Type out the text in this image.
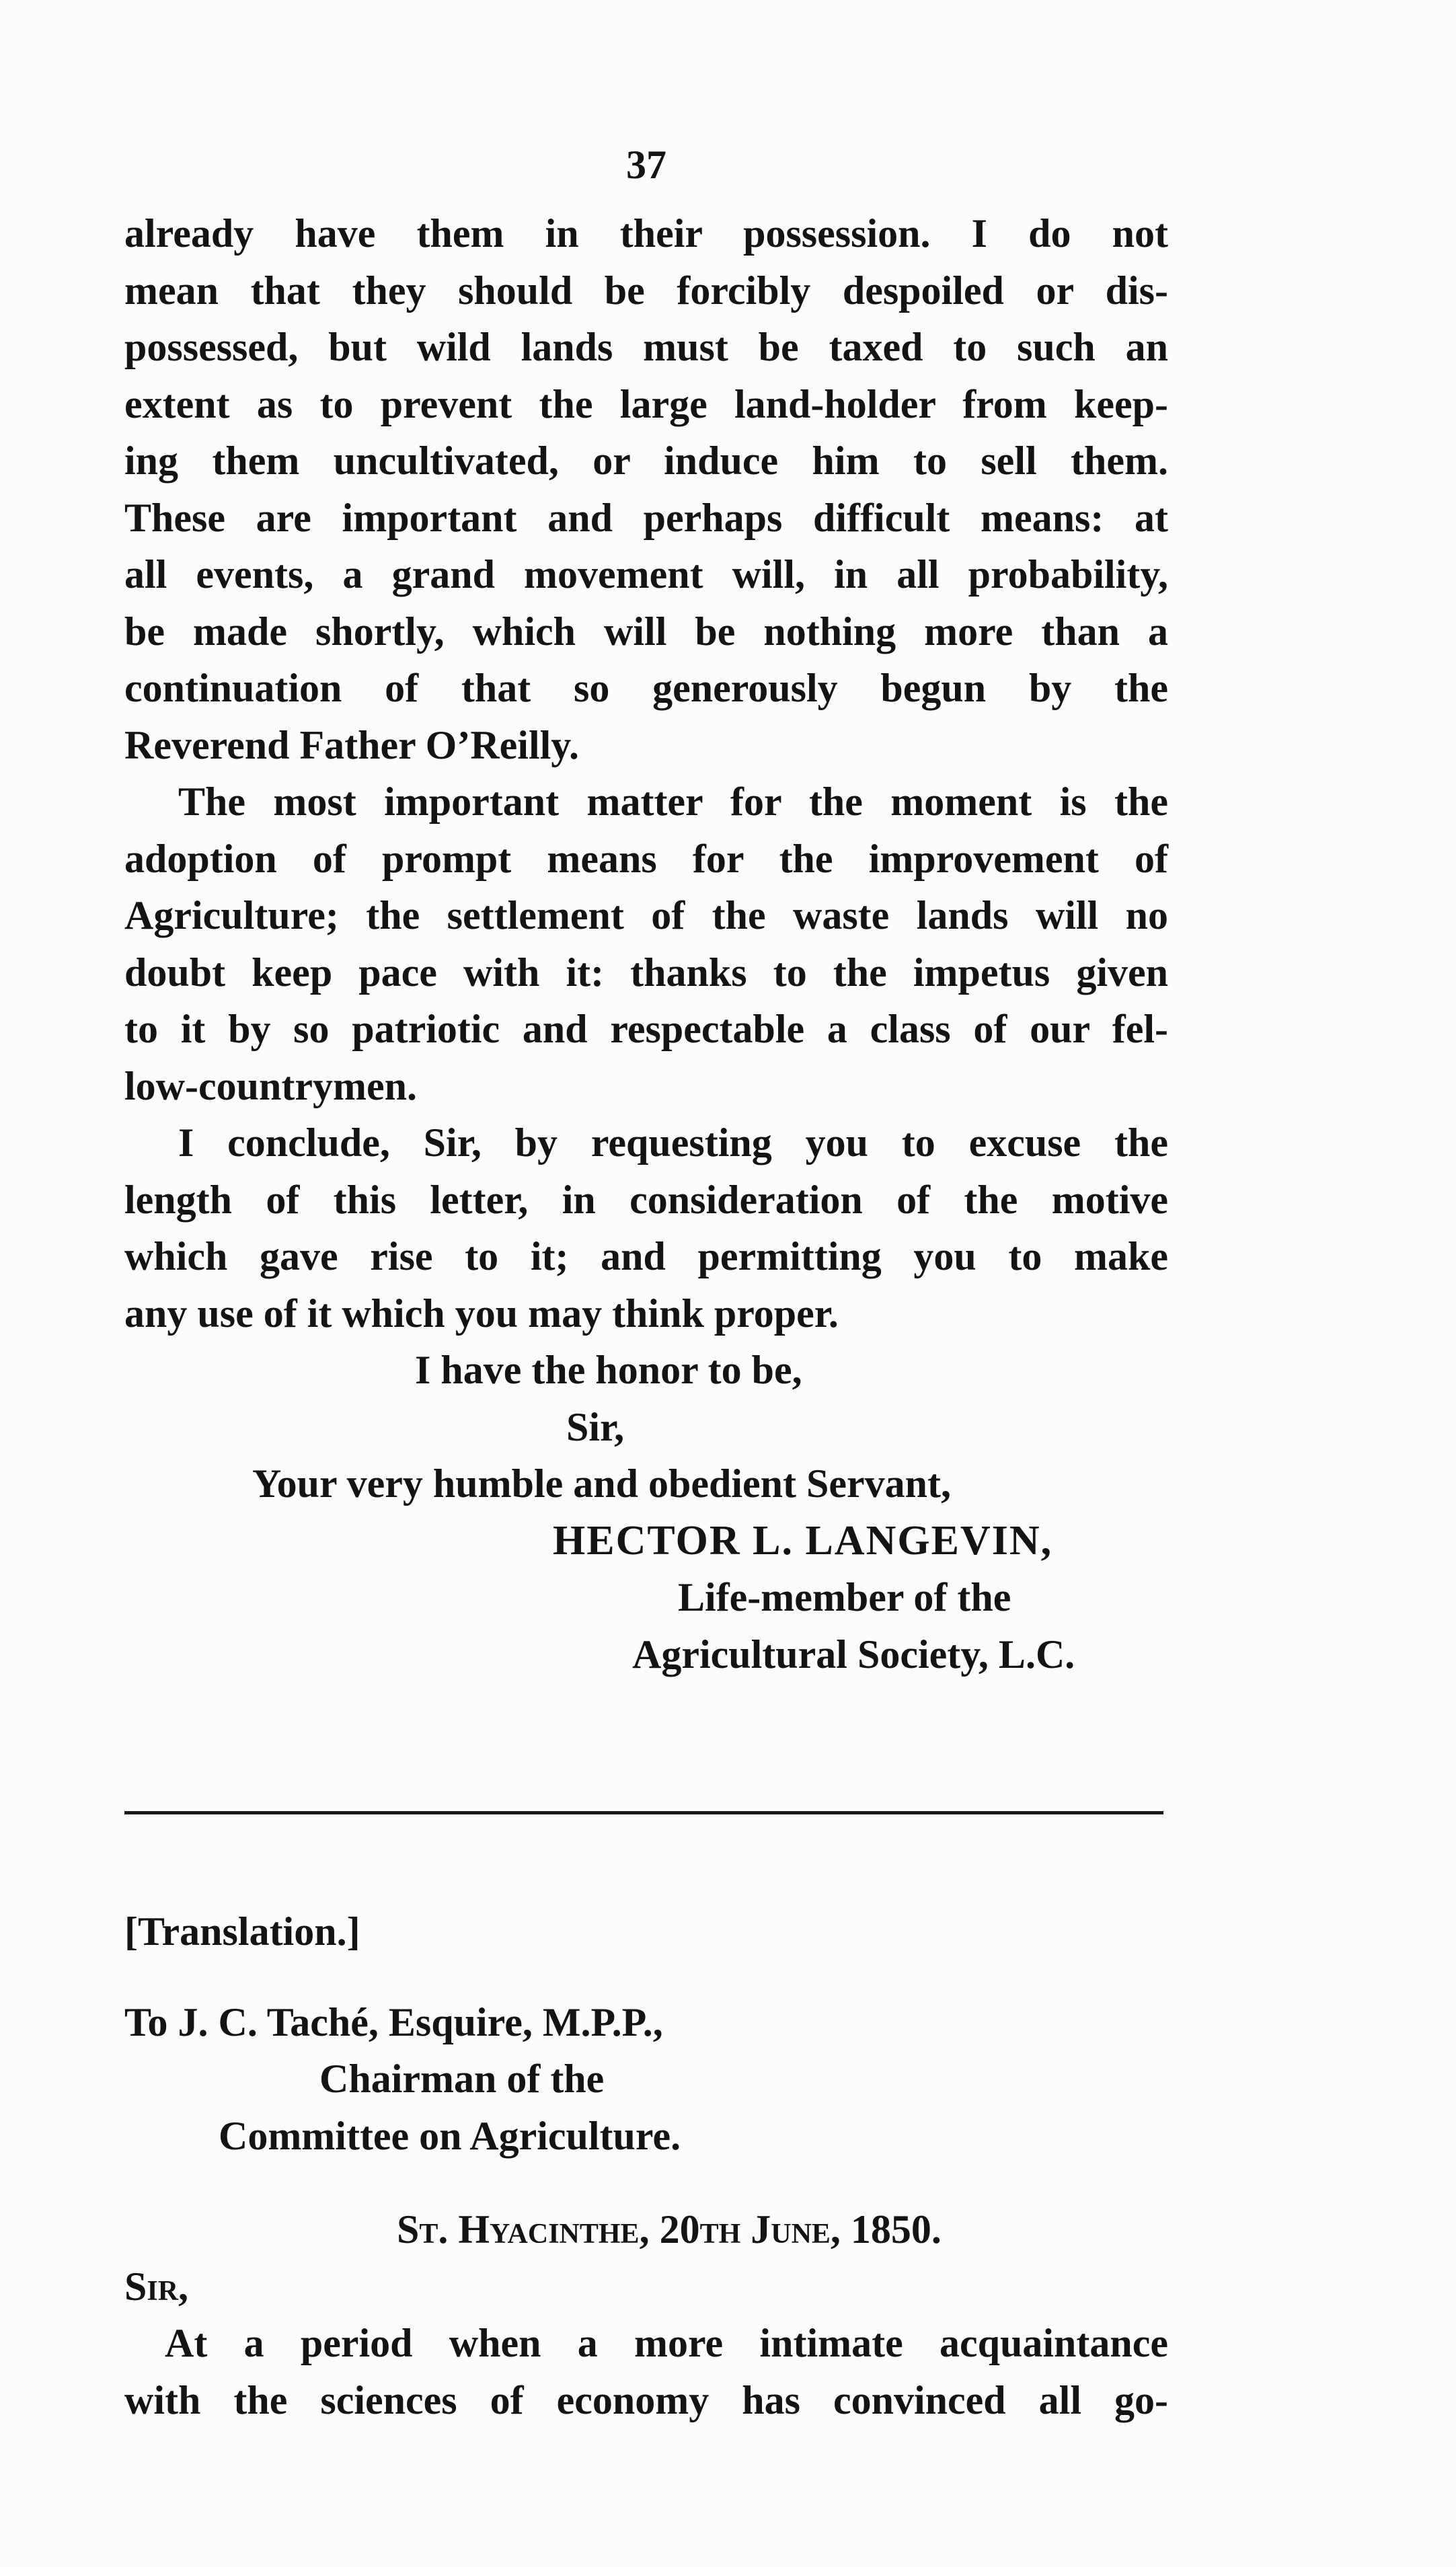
37
already have them in their possession. I do not
mean that they should be forcibly despoiled or dis-
possessed, but wild lands must be taxed to such an
extent as to prevent the large land-holder from keep-
ing them uncultivated, or induce him to sell them.
These are important and perhaps difficult means: at
all events, a grand movement will, in all probability,
be made shortly, which will be nothing more than a
continuation of that so generously begun by the
Reverend Father O’Reilly.
The most important matter for the moment is the
adoption of prompt means for the improvement of
Agriculture; the settlement of the waste lands will no
doubt keep pace with it: thanks to the impetus given
to it by so patriotic and respectable a class of our fel-
low-countrymen.
I conclude, Sir, by requesting you to excuse the
length of this letter, in consideration of the motive
which gave rise to it; and permitting you to make
any use of it which you may think proper.
I have the honor to be,
Sir,
Your very humble and obedient Servant,
HECTOR L. LANGEVIN,
Life-member of the
Agricultural Society, L.C.
[Translation.]
To J. C. Taché, Esquire, M.P.P.,
Chairman of the
Committee on Agriculture.
St. Hyacinthe, 20th June, 1850.
Sir,
At a period when a more intimate acquaintance
with the sciences of economy has convinced all go-
